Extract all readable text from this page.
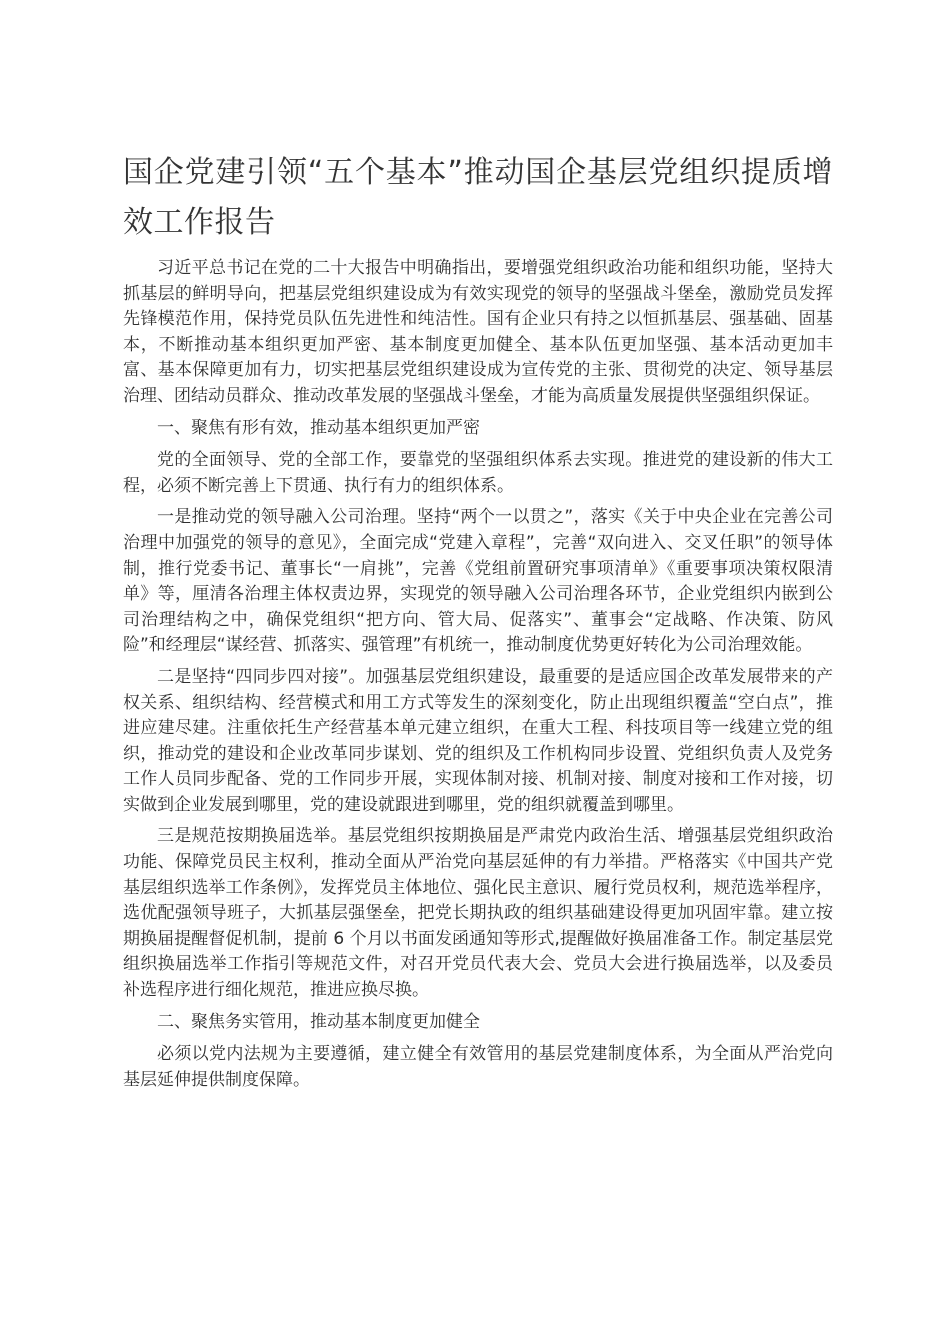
国企党建引领“五个基本”推动国企基层党组织提质增效工作报告

习近平总书记在党的二十大报告中明确指出，要增强党组织政治功能和组织功能，坚持大抓基层的鲜明导向，把基层党组织建设成为有效实现党的领导的坚强战斗堡垒，激励党员发挥先锋模范作用，保持党员队伍先进性和纯洁性。国有企业只有持之以恒抓基层、强基础、固基本，不断推动基本组织更加严密、基本制度更加健全、基本队伍更加坚强、基本活动更加丰富、基本保障更加有力，切实把基层党组织建设成为宣传党的主张、贯彻党的决定、领导基层治理、团结动员群众、推动改革发展的坚强战斗堡垒，才能为高质量发展提供坚强组织保证。

一、聚焦有形有效，推动基本组织更加严密

党的全面领导、党的全部工作，要靠党的坚强组织体系去实现。推进党的建设新的伟大工程，必须不断完善上下贯通、执行有力的组织体系。

一是推动党的领导融入公司治理。坚持“两个一以贯之”，落实《关于中央企业在完善公司治理中加强党的领导的意见》，全面完成“党建入章程”，完善“双向进入、交叉任职”的领导体制，推行党委书记、董事长“一肩挑”，完善《党组前置研究事项清单》《重要事项决策权限清单》等，厘清各治理主体权责边界，实现党的领导融入公司治理各环节，企业党组织内嵌到公司治理结构之中，确保党组织“把方向、管大局、促落实”、董事会“定战略、作决策、防风险”和经理层“谋经营、抓落实、强管理”有机统一，推动制度优势更好转化为公司治理效能。

二是坚持“四同步四对接”。加强基层党组织建设，最重要的是适应国企改革发展带来的产权关系、组织结构、经营模式和用工方式等发生的深刻变化，防止出现组织覆盖“空白点”，推进应建尽建。注重依托生产经营基本单元建立组织，在重大工程、科技项目等一线建立党的组织，推动党的建设和企业改革同步谋划、党的组织及工作机构同步设置、党组织负责人及党务工作人员同步配备、党的工作同步开展，实现体制对接、机制对接、制度对接和工作对接，切实做到企业发展到哪里，党的建设就跟进到哪里，党的组织就覆盖到哪里。

三是规范按期换届选举。基层党组织按期换届是严肃党内政治生活、增强基层党组织政治功能、保障党员民主权利，推动全面从严治党向基层延伸的有力举措。严格落实《中国共产党基层组织选举工作条例》，发挥党员主体地位、强化民主意识、履行党员权利，规范选举程序，选优配强领导班子，大抓基层强堡垒，把党长期执政的组织基础建设得更加巩固牢靠。建立按期换届提醒督促机制，提前 6 个月以书面发函通知等形式,提醒做好换届准备工作。制定基层党组织换届选举工作指引等规范文件，对召开党员代表大会、党员大会进行换届选举，以及委员补选程序进行细化规范，推进应换尽换。

二、聚焦务实管用，推动基本制度更加健全

必须以党内法规为主要遵循，建立健全有效管用的基层党建制度体系，为全面从严治党向基层延伸提供制度保障。
